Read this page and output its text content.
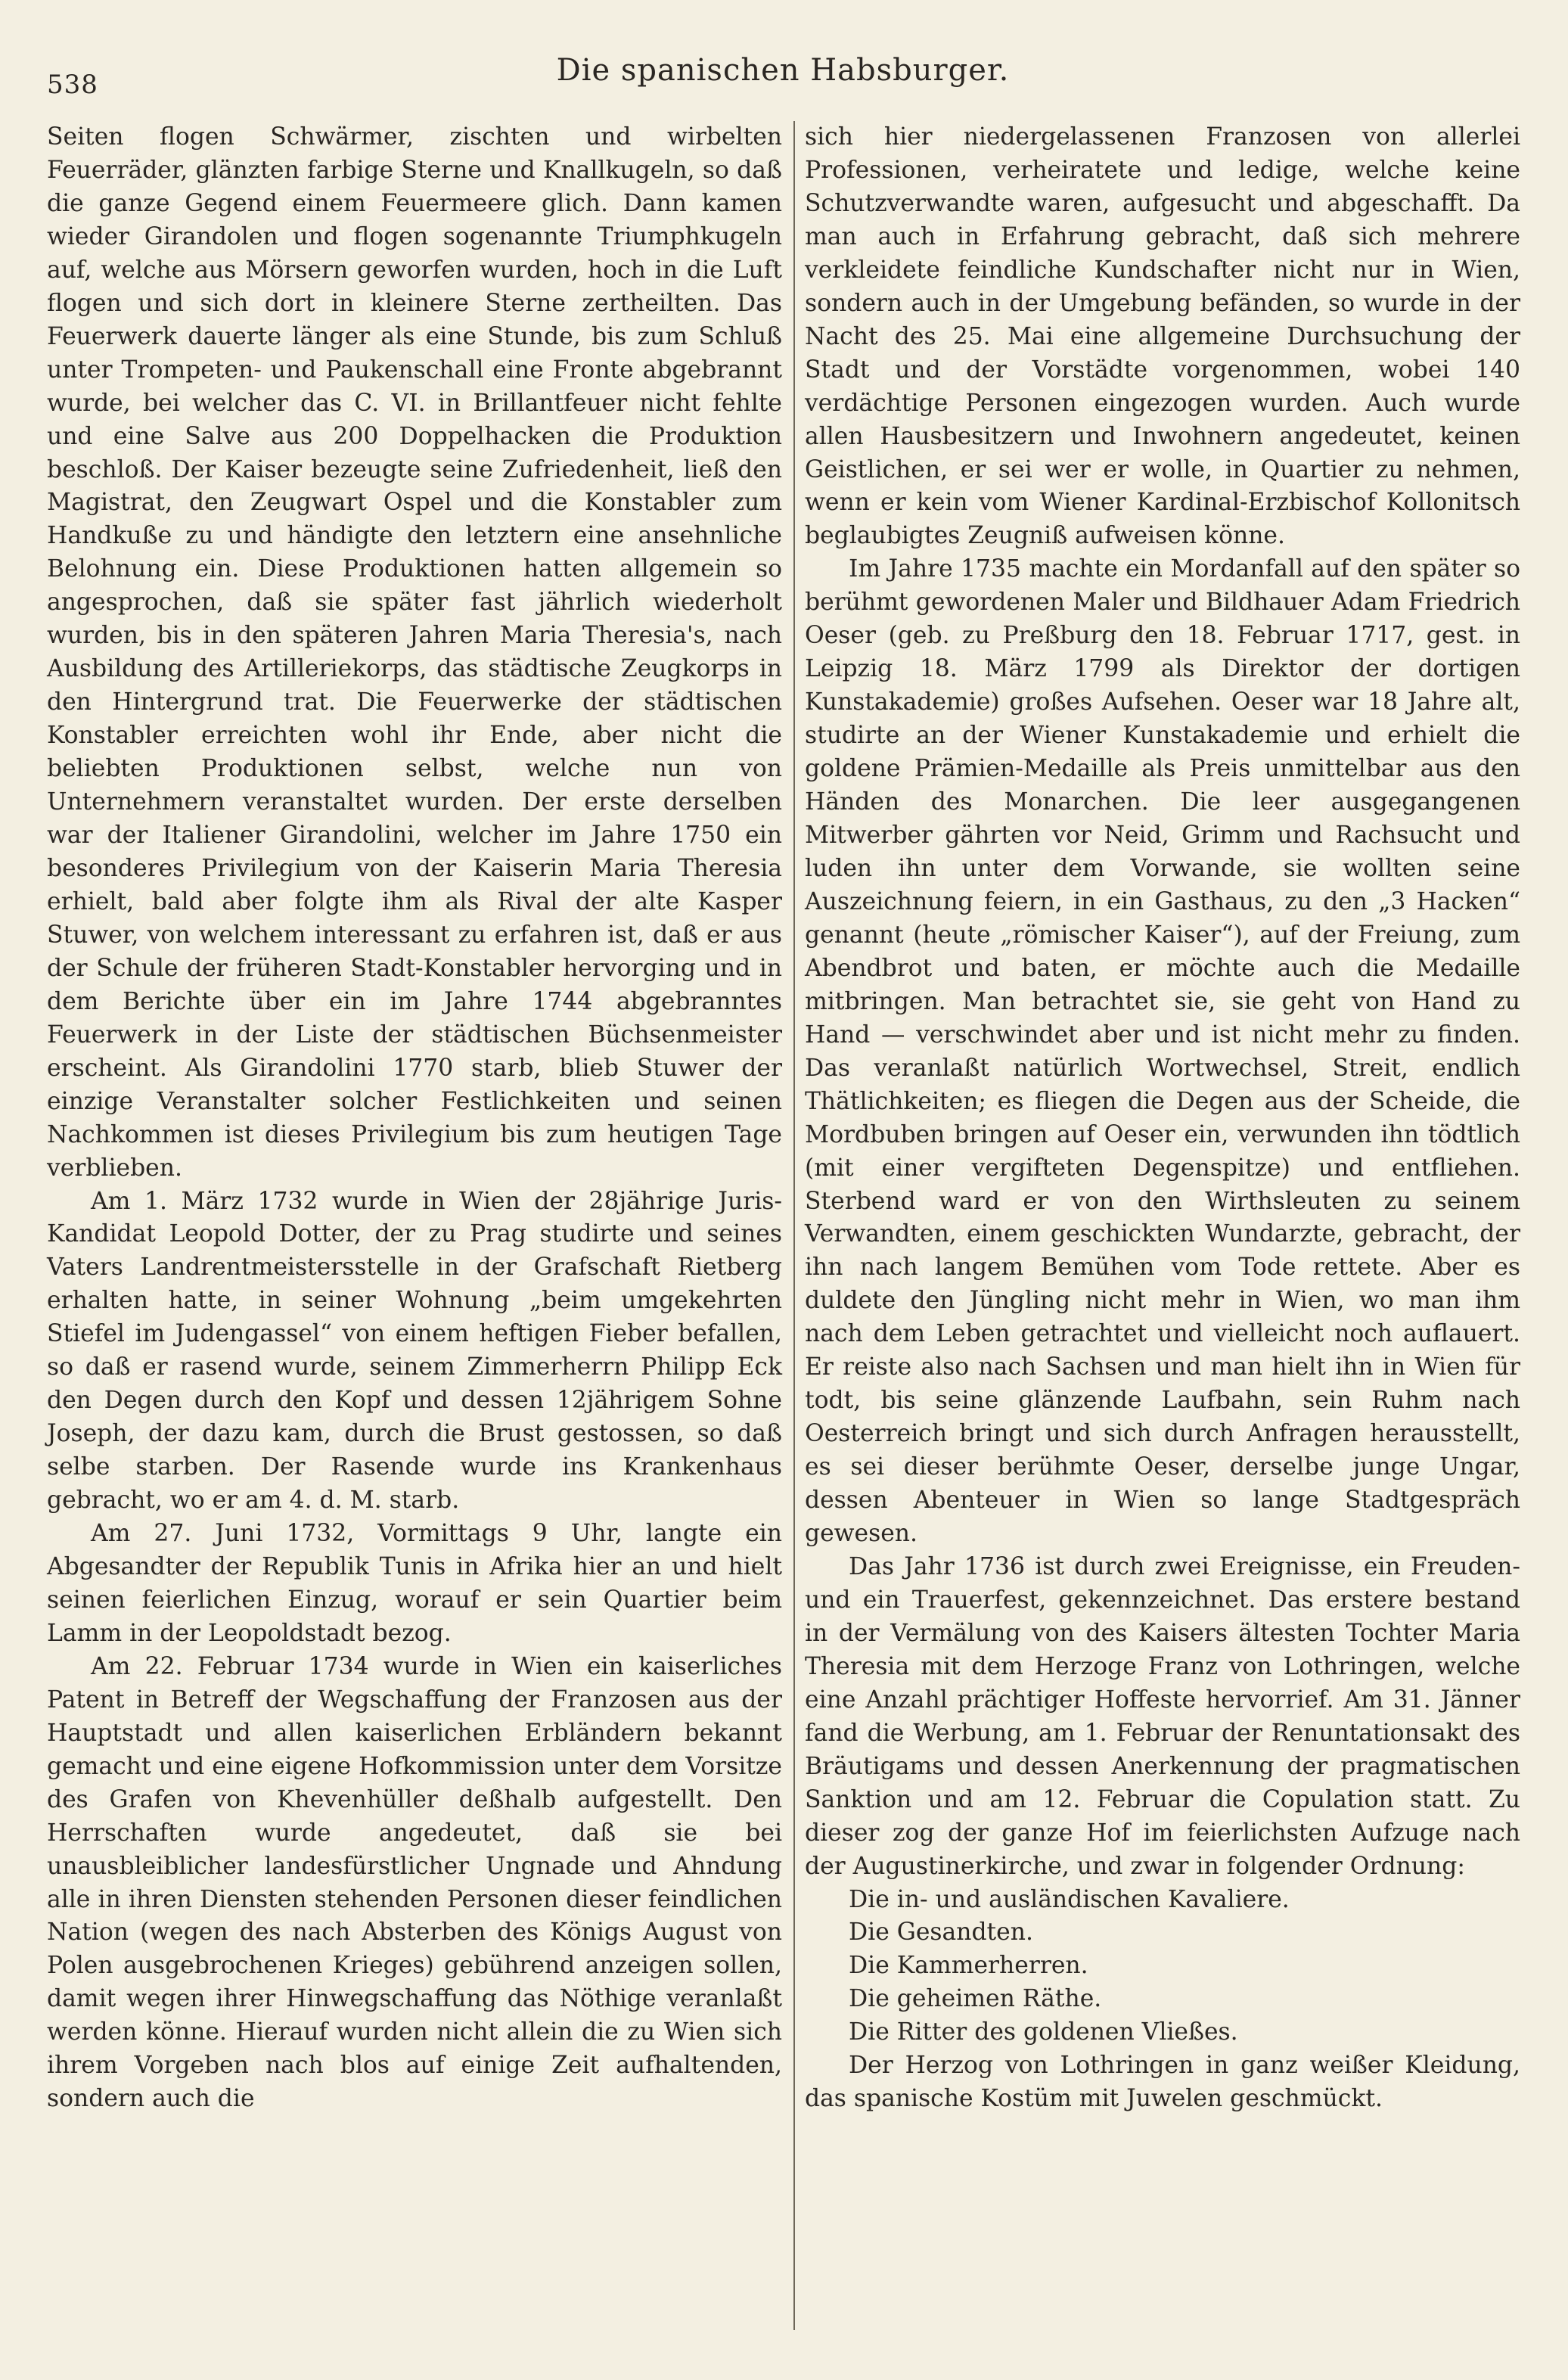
538	Die spanischen Habsburger.

Seiten flogen Schwärmer, zischten und wirbelten Feuerräder, glänzten farbige Sterne und Knallkugeln, so daß die ganze Gegend einem Feuermeere glich. Dann kamen wieder Girandolen und flogen sogenannte Triumphkugeln auf, welche aus Mörsern geworfen wurden, hoch in die Luft flogen und sich dort in kleinere Sterne zertheilten. Das Feuerwerk dauerte länger als eine Stunde, bis zum Schluß unter Trompeten- und Paukenschall eine Fronte abgebrannt wurde, bei welcher das C. VI. in Brillantfeuer nicht fehlte und eine Salve aus 200 Doppelhacken die Produktion beschloß. Der Kaiser bezeugte seine Zufriedenheit, ließ den Magistrat, den Zeugwart Ospel und die Konstabler zum Handkuße zu und händigte den letztern eine ansehnliche Belohnung ein. Diese Produktionen hatten allgemein so angesprochen, daß sie später fast jährlich wiederholt wurden, bis in den späteren Jahren Maria Theresia's, nach Ausbildung des Artilleriekorps, das städtische Zeugkorps in den Hintergrund trat. Die Feuerwerke der städtischen Konstabler erreichten wohl ihr Ende, aber nicht die beliebten Produktionen selbst, welche nun von Unternehmern veranstaltet wurden. Der erste derselben war der Italiener Girandolini, welcher im Jahre 1750 ein besonderes Privilegium von der Kaiserin Maria Theresia erhielt, bald aber folgte ihm als Rival der alte Kasper Stuwer, von welchem interessant zu erfahren ist, daß er aus der Schule der früheren Stadt-Konstabler hervorging und in dem Berichte über ein im Jahre 1744 abgebranntes Feuerwerk in der Liste der städtischen Büchsenmeister erscheint. Als Girandolini 1770 starb, blieb Stuwer der einzige Veranstalter solcher Festlichkeiten und seinen Nachkommen ist dieses Privilegium bis zum heutigen Tage verblieben.

Am 1. März 1732 wurde in Wien der 28jährige Juris-Kandidat Leopold Dotter, der zu Prag studirte und seines Vaters Landrentmeistersstelle in der Grafschaft Rietberg erhalten hatte, in seiner Wohnung „beim umgekehrten Stiefel im Judengassel“ von einem heftigen Fieber befallen, so daß er rasend wurde, seinem Zimmerherrn Philipp Eck den Degen durch den Kopf und dessen 12jährigem Sohne Joseph, der dazu kam, durch die Brust gestossen, so daß selbe starben. Der Rasende wurde ins Krankenhaus gebracht, wo er am 4. d. M. starb.

Am 27. Juni 1732, Vormittags 9 Uhr, langte ein Abgesandter der Republik Tunis in Afrika hier an und hielt seinen feierlichen Einzug, worauf er sein Quartier beim Lamm in der Leopoldstadt bezog.

Am 22. Februar 1734 wurde in Wien ein kaiserliches Patent in Betreff der Wegschaffung der Franzosen aus der Hauptstadt und allen kaiserlichen Erbländern bekannt gemacht und eine eigene Hofkommission unter dem Vorsitze des Grafen von Khevenhüller deßhalb aufgestellt. Den Herrschaften wurde angedeutet, daß sie bei unausbleiblicher landesfürstlicher Ungnade und Ahndung alle in ihren Diensten stehenden Personen dieser feindlichen Nation (wegen des nach Absterben des Königs August von Polen ausgebrochenen Krieges) gebührend anzeigen sollen, damit wegen ihrer Hinwegschaffung das Nöthige veranlaßt werden könne. Hierauf wurden nicht allein die zu Wien sich ihrem Vorgeben nach blos auf einige Zeit aufhaltenden, sondern auch die

sich hier niedergelassenen Franzosen von allerlei Professionen, verheiratete und ledige, welche keine Schutzverwandte waren, aufgesucht und abgeschafft. Da man auch in Erfahrung gebracht, daß sich mehrere verkleidete feindliche Kundschafter nicht nur in Wien, sondern auch in der Umgebung befänden, so wurde in der Nacht des 25. Mai eine allgemeine Durchsuchung der Stadt und der Vorstädte vorgenommen, wobei 140 verdächtige Personen eingezogen wurden. Auch wurde allen Hausbesitzern und Inwohnern angedeutet, keinen Geistlichen, er sei wer er wolle, in Quartier zu nehmen, wenn er kein vom Wiener Kardinal-Erzbischof Kollonitsch beglaubigtes Zeugniß aufweisen könne.

Im Jahre 1735 machte ein Mordanfall auf den später so berühmt gewordenen Maler und Bildhauer Adam Friedrich Oeser (geb. zu Preßburg den 18. Februar 1717, gest. in Leipzig 18. März 1799 als Direktor der dortigen Kunstakademie) großes Aufsehen. Oeser war 18 Jahre alt, studirte an der Wiener Kunstakademie und erhielt die goldene Prämien-Medaille als Preis unmittelbar aus den Händen des Monarchen. Die leer ausgegangenen Mitwerber gährten vor Neid, Grimm und Rachsucht und luden ihn unter dem Vorwande, sie wollten seine Auszeichnung feiern, in ein Gasthaus, zu den „3 Hacken“ genannt (heute „römischer Kaiser“), auf der Freiung, zum Abendbrot und baten, er möchte auch die Medaille mitbringen. Man betrachtet sie, sie geht von Hand zu Hand — verschwindet aber und ist nicht mehr zu finden. Das veranlaßt natürlich Wortwechsel, Streit, endlich Thätlichkeiten; es fliegen die Degen aus der Scheide, die Mordbuben bringen auf Oeser ein, verwunden ihn tödtlich (mit einer vergifteten Degenspitze) und entfliehen. Sterbend ward er von den Wirthsleuten zu seinem Verwandten, einem geschickten Wundarzte, gebracht, der ihn nach langem Bemühen vom Tode rettete. Aber es duldete den Jüngling nicht mehr in Wien, wo man ihm nach dem Leben getrachtet und vielleicht noch auflauert. Er reiste also nach Sachsen und man hielt ihn in Wien für todt, bis seine glänzende Laufbahn, sein Ruhm nach Oesterreich bringt und sich durch Anfragen herausstellt, es sei dieser berühmte Oeser, derselbe junge Ungar, dessen Abenteuer in Wien so lange Stadtgespräch gewesen.

Das Jahr 1736 ist durch zwei Ereignisse, ein Freuden- und ein Trauerfest, gekennzeichnet. Das erstere bestand in der Vermälung von des Kaisers ältesten Tochter Maria Theresia mit dem Herzoge Franz von Lothringen, welche eine Anzahl prächtiger Hoffeste hervorrief. Am 31. Jänner fand die Werbung, am 1. Februar der Renuntationsakt des Bräutigams und dessen Anerkennung der pragmatischen Sanktion und am 12. Februar die Copulation statt. Zu dieser zog der ganze Hof im feierlichsten Aufzuge nach der Augustinerkirche, und zwar in folgender Ordnung:

Die in- und ausländischen Kavaliere.
Die Gesandten.
Die Kammerherren.
Die geheimen Räthe.
Die Ritter des goldenen Vließes.

Der Herzog von Lothringen in ganz weißer Kleidung, das spanische Kostüm mit Juwelen geschmückt.
